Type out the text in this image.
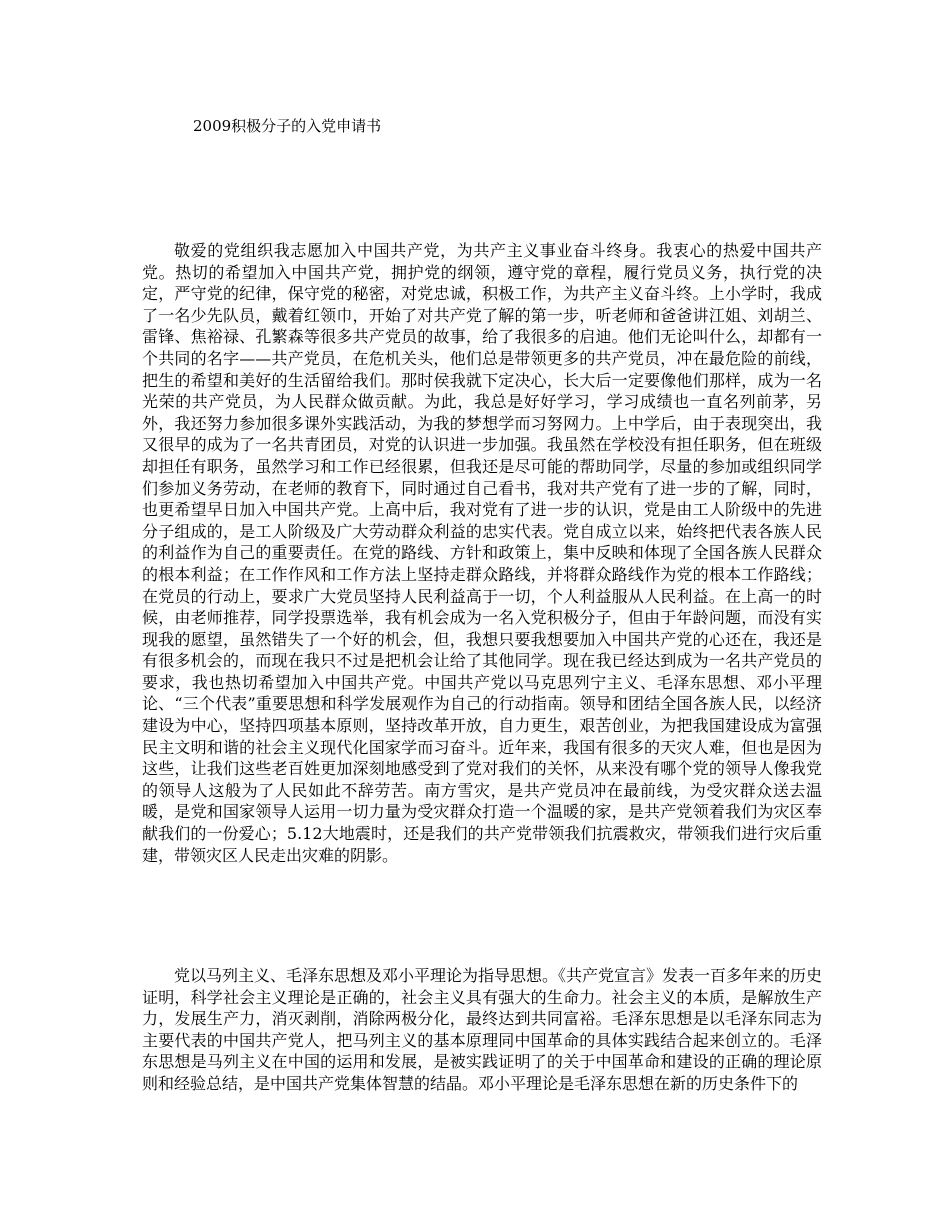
2009积极分子的入党申请书

敬爱的党组织我志愿加入中国共产党，为共产主义事业奋斗终身。我衷心的热爱中国共产党。热切的希望加入中国共产党，拥护党的纲领，遵守党的章程，履行党员义务，执行党的决定，严守党的纪律，保守党的秘密，对党忠诚，积极工作，为共产主义奋斗终。上小学时，我成了一名少先队员，戴着红领巾，开始了对共产党了解的第一步，听老师和爸爸讲江姐、刘胡兰、雷锋、焦裕禄、孔繁森等很多共产党员的故事，给了我很多的启迪。他们无论叫什么，却都有一个共同的名字——共产党员，在危机关头，他们总是带领更多的共产党员，冲在最危险的前线，把生的希望和美好的生活留给我们。那时侯我就下定决心，长大后一定要像他们那样，成为一名光荣的共产党员，为人民群众做贡献。为此，我总是好好学习，学习成绩也一直名列前茅，另外，我还努力参加很多课外实践活动，为我的梦想学而习努网力。上中学后，由于表现突出，我又很早的成为了一名共青团员，对党的认识进一步加强。我虽然在学校没有担任职务，但在班级却担任有职务，虽然学习和工作已经很累，但我还是尽可能的帮助同学，尽量的参加或组织同学们参加义务劳动，在老师的教育下，同时通过自己看书，我对共产党有了进一步的了解，同时，也更希望早日加入中国共产党。上高中后，我对党有了进一步的认识，党是由工人阶级中的先进分子组成的，是工人阶级及广大劳动群众利益的忠实代表。党自成立以来，始终把代表各族人民的利益作为自己的重要责任。在党的路线、方针和政策上，集中反映和体现了全国各族人民群众的根本利益；在工作作风和工作方法上坚持走群众路线，并将群众路线作为党的根本工作路线；在党员的行动上，要求广大党员坚持人民利益高于一切，个人利益服从人民利益。在上高一的时候，由老师推荐，同学投票选举，我有机会成为一名入党积极分子，但由于年龄问题，而没有实现我的愿望，虽然错失了一个好的机会，但，我想只要我想要加入中国共产党的心还在，我还是有很多机会的，而现在我只不过是把机会让给了其他同学。现在我已经达到成为一名共产党员的要求，我也热切希望加入中国共产党。中国共产党以马克思列宁主义、毛泽东思想、邓小平理论、“三个代表”重要思想和科学发展观作为自己的行动指南。领导和团结全国各族人民，以经济建设为中心，坚持四项基本原则，坚持改革开放，自力更生，艰苦创业，为把我国建设成为富强民主文明和谐的社会主义现代化国家学而习奋斗。近年来，我国有很多的天灾人难，但也是因为这些，让我们这些老百姓更加深刻地感受到了党对我们的关怀，从来没有哪个党的领导人像我党的领导人这般为了人民如此不辞劳苦。南方雪灾，是共产党员冲在最前线，为受灾群众送去温暖，是党和国家领导人运用一切力量为受灾群众打造一个温暖的家，是共产党领着我们为灾区奉献我们的一份爱心；5.12大地震时，还是我们的共产党带领我们抗震救灾，带领我们进行灾后重建，带领灾区人民走出灾难的阴影。

党以马列主义、毛泽东思想及邓小平理论为指导思想。《共产党宣言》发表一百多年来的历史证明，科学社会主义理论是正确的，社会主义具有强大的生命力。社会主义的本质，是解放生产力，发展生产力，消灭剥削，消除两极分化，最终达到共同富裕。毛泽东思想是以毛泽东同志为主要代表的中国共产党人，把马列主义的基本原理同中国革命的具体实践结合起来创立的。毛泽东思想是马列主义在中国的运用和发展，是被实践证明了的关于中国革命和建设的正确的理论原则和经验总结，是中国共产党集体智慧的结晶。邓小平理论是毛泽东思想在新的历史条件下的
